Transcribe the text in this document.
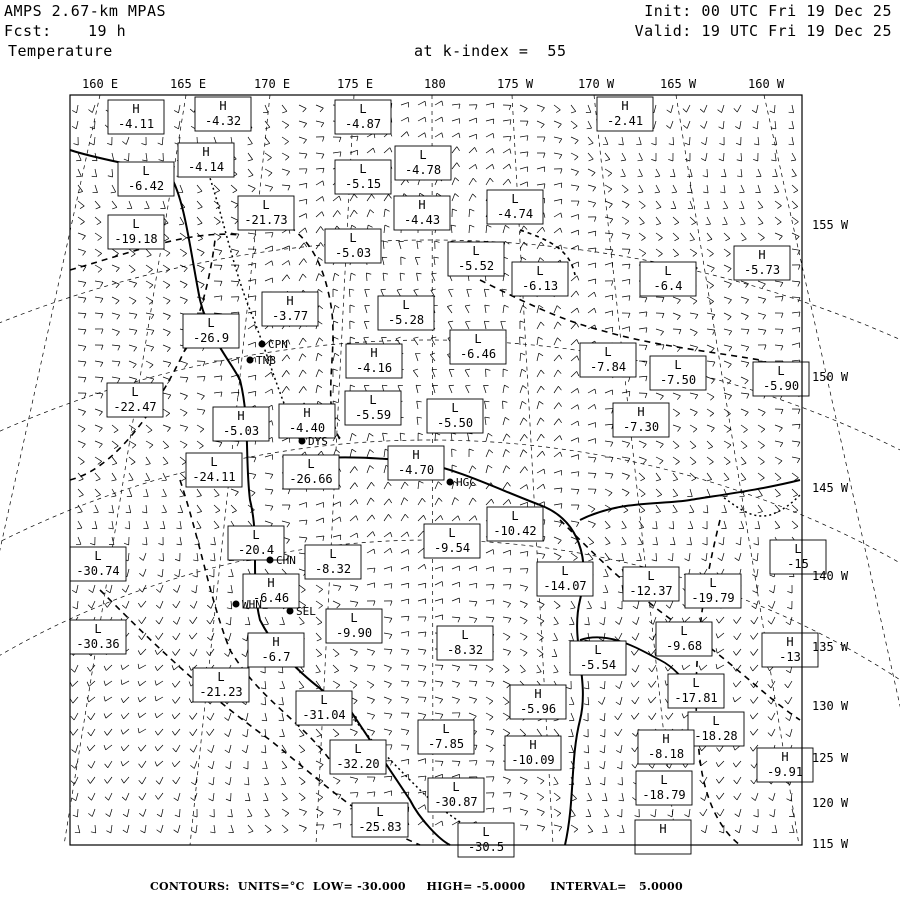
AMPS 2.67-km MPAS
Fcst: 19 h
Temperature	at k-index =  55
Init: 00 UTC Fri 19 Dec 25
Valid: 19 UTC Fri 19 Dec 25
H
-4.11
H
-4.32
L
-4.87
H
-2.41
H
-4.14
L
-4.78
L
-6.42
L
-5.15
L
-21.73
H
-4.43
L
-4.74
L
-19.18	L
-5.03	L
-5.52	L
-6.13
L
-6.4
H
-5.73
H
-3.77
L
-5.28
L
-26.9	L
-6.46
H
-4.16
L
-7.84	L
-7.50
L
-5.90
L
-22.47	L
-5.59
H
-5.03
H
-4.40
L
-5.50
H
-7.30
H
-4.70
L
-24.11
L
-26.66
L
-10.42
L
-9.54
L
-20.4	L
-8.32	L
-14.07
L
-12.37
L
-19.79
L
-15
H
-6.46
L
-9.90	L
-8.32	L
-5.54
L
-9.68	H
-13
H
-6.7
L
-21.23
L
-17.81
L
-31.04
H
-5.96
L
-18.28
L
-7.85
L
-32.20
H
-10.09
H
-8.18	H
-9.91
L
-30.87
L
-18.79
L
-25.83	L
-30.5
H
L
-30.74
L
-30.36
CPN
TNB
DYS
HGC
CHN
WHN
SEL
160 E	165 E	170 E	175 E	180	175 W	170 W	165 W	160 W
155 W
150 W
145 W
140 W
135 W
130 W
125 W
120 W
115 W
CONTOURS:  UNITS=°C  LOW= -30.000     HIGH= -5.0000      INTERVAL=   5.0000
